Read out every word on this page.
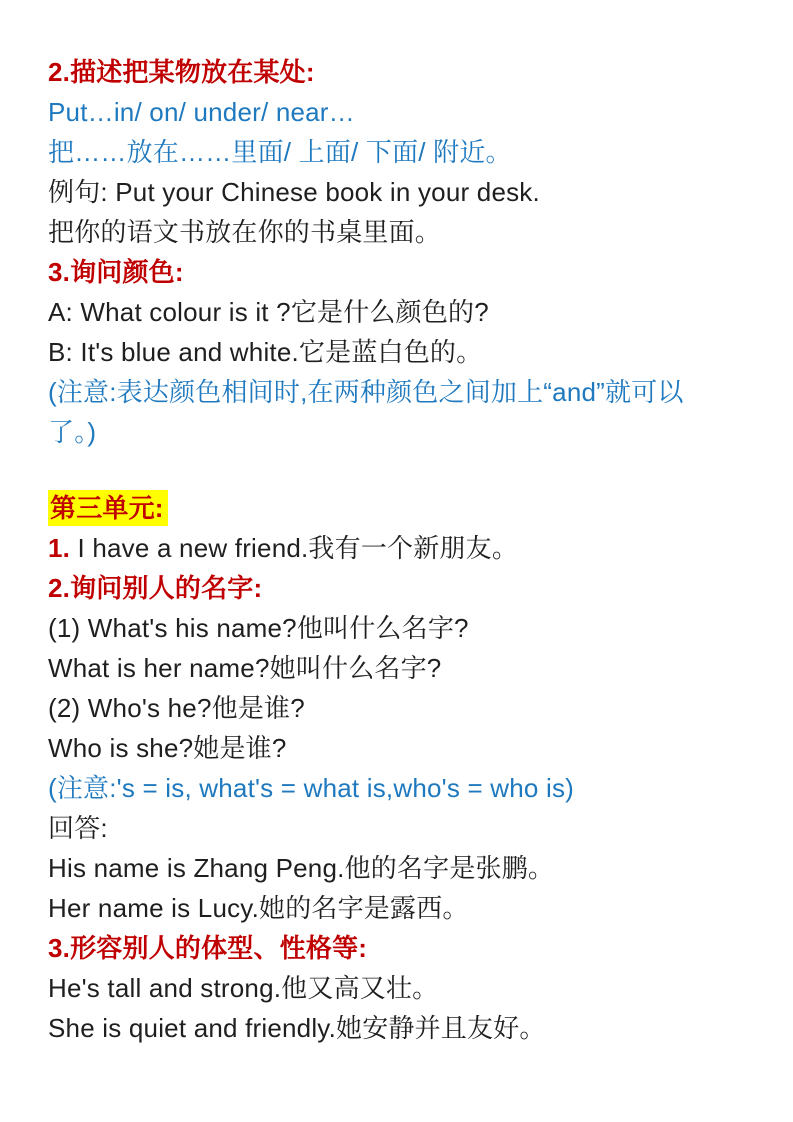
2.描述把某物放在某处:

Put…in/ on/ under/ near…

把……放在……里面/ 上面/ 下面/ 附近。

例句: Put your Chinese book in your desk.

把你的语文书放在你的书桌里面。

3.询问颜色:

A: What colour is it ?它是什么颜色的?

B: It's blue and white.它是蓝白色的。

(注意:表达颜色相间时,在两种颜色之间加上“and”就可以

了。)

第三单元:

1. I have a new friend.我有一个新朋友。

2.询问别人的名字:

(1) What's his name?他叫什么名字?

What is her name?她叫什么名字?

(2) Who's he?他是谁?

Who is she?她是谁?

(注意:'s = is, what's = what is,who's = who is)

回答:

His name is Zhang Peng.他的名字是张鹏。

Her name is Lucy.她的名字是露西。

3.形容别人的体型、性格等:

He's tall and strong.他又高又壮。

She is quiet and friendly.她安静并且友好。
